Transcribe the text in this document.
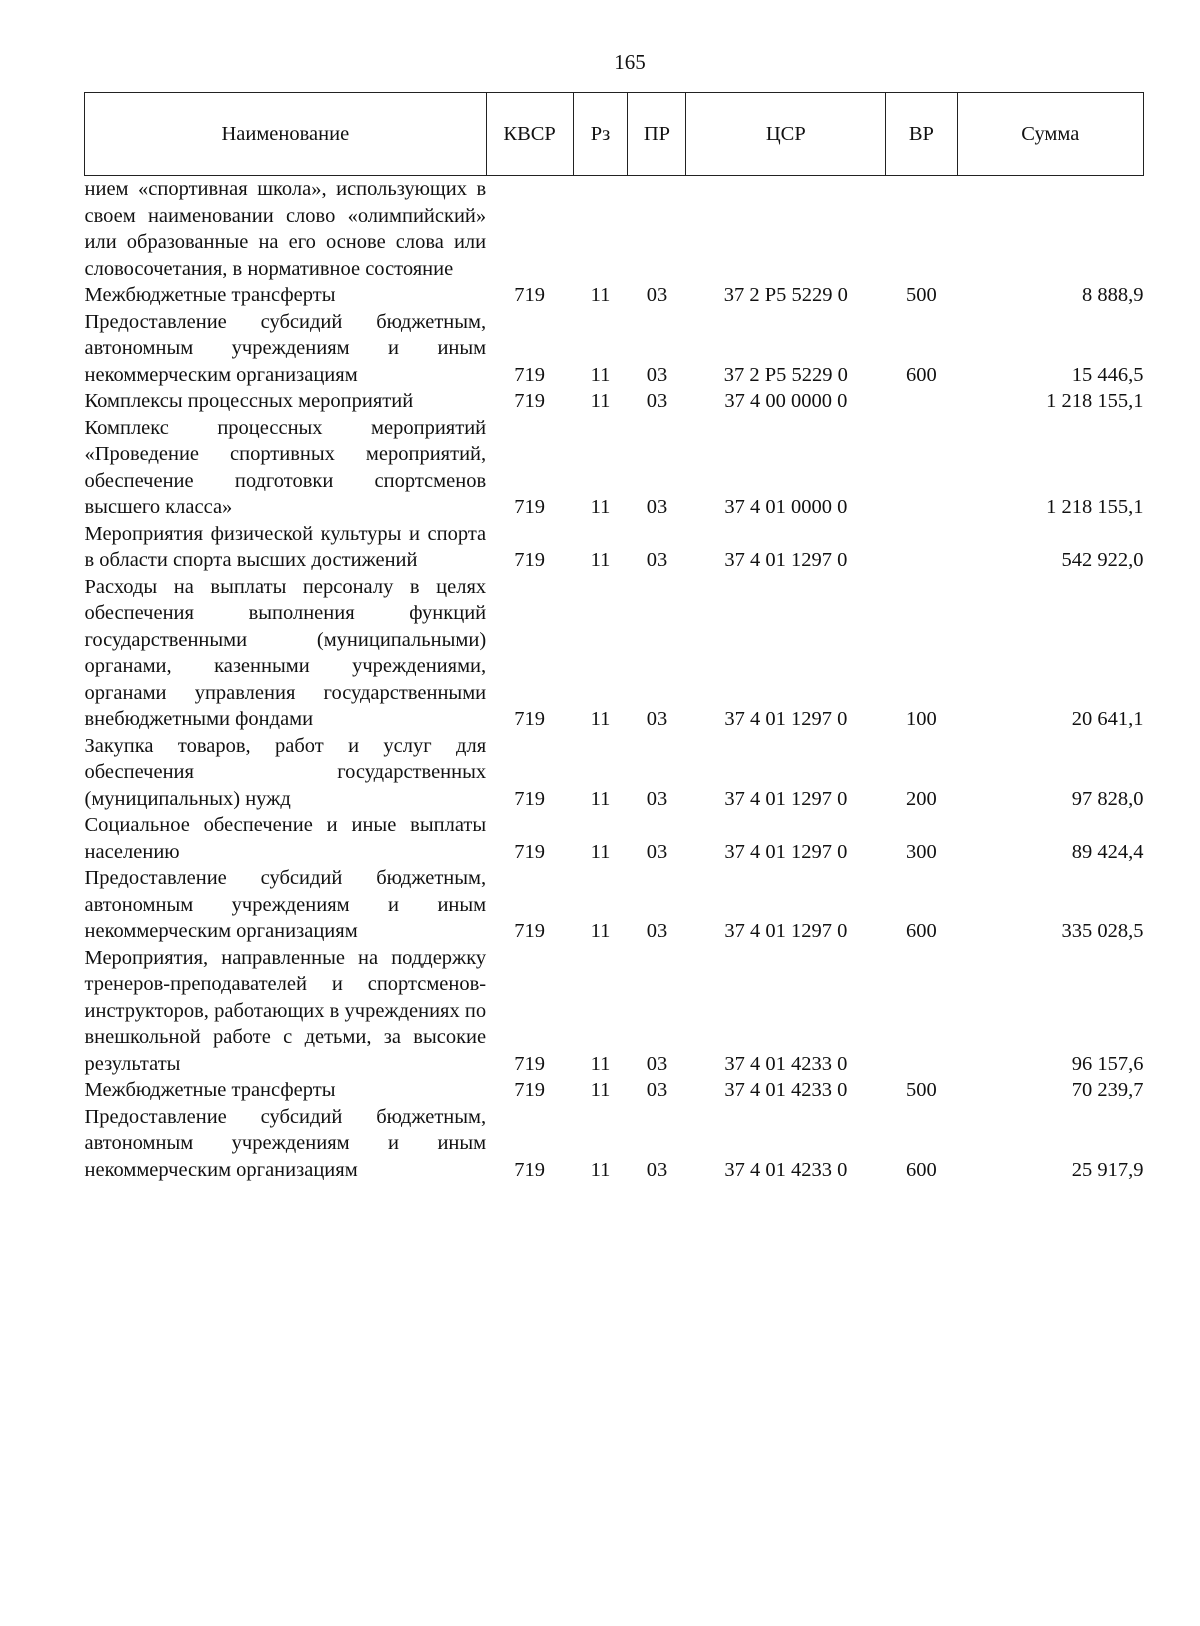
165
Наименование	КВСР	Рз	ПР	ЦСР	ВР	Сумма
нием «спортивная школа», использующих в своем наименовании слово «олимпийский» или образованные на его основе слова или словосочетания, в нормативное состояние						
Межбюджетные трансферты	719	11	03	37 2 P5 5229 0	500	8 888,9
Предоставление субсидий бюджетным, автономным учреждениям и иным некоммерческим организациям	719	11	03	37 2 P5 5229 0	600	15 446,5
Комплексы процессных мероприятий	719	11	03	37 4 00 0000 0		1 218 155,1
Комплекс процессных мероприятий «Проведение спортивных мероприятий, обеспечение подготовки спортсменов высшего класса»	719	11	03	37 4 01 0000 0		1 218 155,1
Мероприятия физической культуры и спорта в области спорта высших достижений	719	11	03	37 4 01 1297 0		542 922,0
Расходы на выплаты персоналу в целях обеспечения выполнения функций государственными (муниципальными) органами, казенными учреждениями, органами управления государственными внебюджетными фондами	719	11	03	37 4 01 1297 0	100	20 641,1
Закупка товаров, работ и услуг для обеспечения государственных (муниципальных) нужд	719	11	03	37 4 01 1297 0	200	97 828,0
Социальное обеспечение и иные выплаты населению	719	11	03	37 4 01 1297 0	300	89 424,4
Предоставление субсидий бюджетным, автономным учреждениям и иным некоммерческим организациям	719	11	03	37 4 01 1297 0	600	335 028,5
Мероприятия, направленные на поддержку тренеров-преподавателей и спортсменов-инструкторов, работающих в учреждениях по внешкольной работе с детьми, за высокие результаты	719	11	03	37 4 01 4233 0		96 157,6
Межбюджетные трансферты	719	11	03	37 4 01 4233 0	500	70 239,7
Предоставление субсидий бюджетным, автономным учреждениям и иным некоммерческим организациям	719	11	03	37 4 01 4233 0	600	25 917,9
